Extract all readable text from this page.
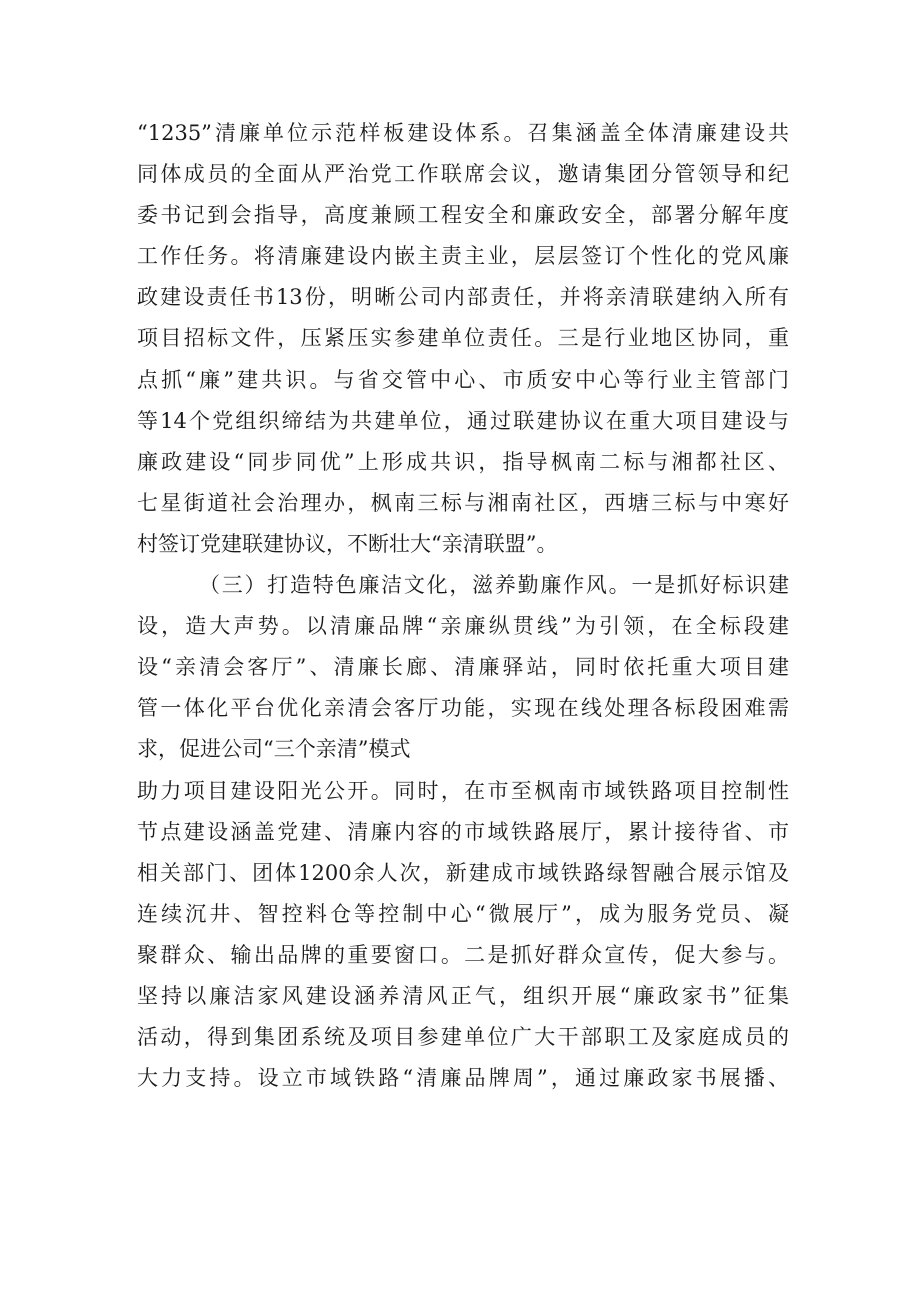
“1235”清廉单位示范样板建设体系。召集涵盖全体清廉建设共
同体成员的全面从严治党工作联席会议，邀请集团分管领导和纪
委书记到会指导，高度兼顾工程安全和廉政安全，部署分解年度
工作任务。将清廉建设内嵌主责主业，层层签订个性化的党风廉
政建设责任书13份，明晰公司内部责任，并将亲清联建纳入所有
项目招标文件，压紧压实参建单位责任。三是行业地区协同，重
点抓“廉”建共识。与省交管中心、市质安中心等行业主管部门
等14个党组织缔结为共建单位，通过联建协议在重大项目建设与
廉政建设“同步同优”上形成共识，指导枫南二标与湘都社区、
七星街道社会治理办，枫南三标与湘南社区，西塘三标与中寒好
村签订党建联建协议，不断壮大“亲清联盟”。
（三）打造特色廉洁文化，滋养勤廉作风。一是抓好标识建
设，造大声势。以清廉品牌“亲廉纵贯线”为引领，在全标段建
设“亲清会客厅”、清廉长廊、清廉驿站，同时依托重大项目建
管一体化平台优化亲清会客厅功能，实现在线处理各标段困难需
求，促进公司“三个亲清”模式
助力项目建设阳光公开。同时，在市至枫南市域铁路项目控制性
节点建设涵盖党建、清廉内容的市域铁路展厅，累计接待省、市
相关部门、团体1200余人次，新建成市域铁路绿智融合展示馆及
连续沉井、智控料仓等控制中心“微展厅”，成为服务党员、凝
聚群众、输出品牌的重要窗口。二是抓好群众宣传，促大参与。
坚持以廉洁家风建设涵养清风正气，组织开展“廉政家书”征集
活动，得到集团系统及项目参建单位广大干部职工及家庭成员的
大力支持。设立市域铁路“清廉品牌周”，通过廉政家书展播、
